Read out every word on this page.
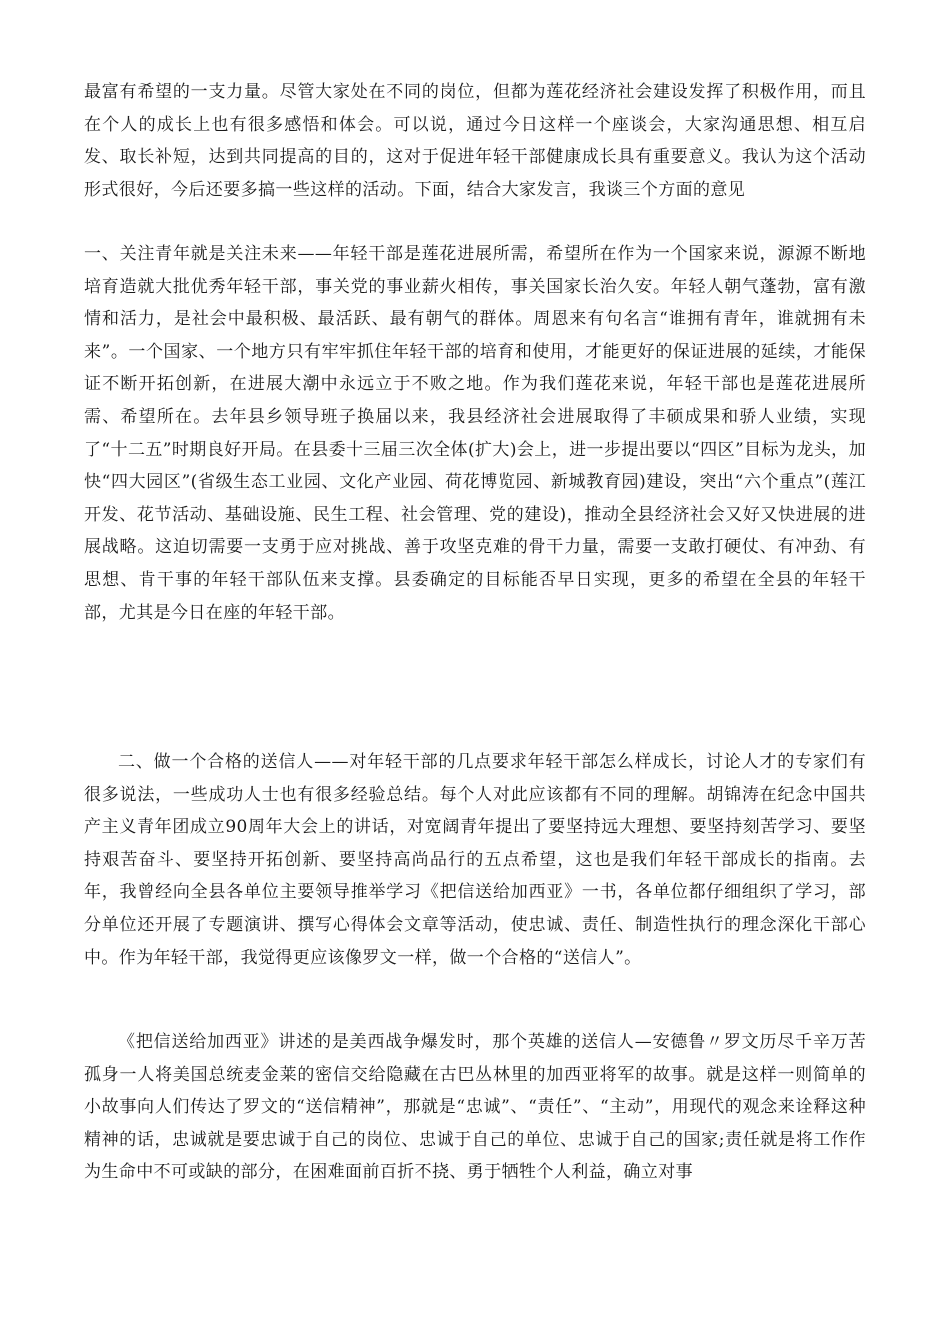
最富有希望的一支力量。尽管大家处在不同的岗位，但都为莲花经济社会建设发挥了积极作用，而且在个人的成长上也有很多感悟和体会。可以说，通过今日这样一个座谈会，大家沟通思想、相互启发、取长补短，达到共同提高的目的，这对于促进年轻干部健康成长具有重要意义。我认为这个活动形式很好，今后还要多搞一些这样的活动。下面，结合大家发言，我谈三个方面的意见

一、关注青年就是关注未来——年轻干部是莲花进展所需，希望所在作为一个国家来说，源源不断地培育造就大批优秀年轻干部，事关党的事业薪火相传，事关国家长治久安。年轻人朝气蓬勃，富有激情和活力，是社会中最积极、最活跃、最有朝气的群体。周恩来有句名言“谁拥有青年，谁就拥有未来”。一个国家、一个地方只有牢牢抓住年轻干部的培育和使用，才能更好的保证进展的延续，才能保证不断开拓创新，在进展大潮中永远立于不败之地。作为我们莲花来说，年轻干部也是莲花进展所需、希望所在。去年县乡领导班子换届以来，我县经济社会进展取得了丰硕成果和骄人业绩，实现了“十二五”时期良好开局。在县委十三届三次全体(扩大)会上，进一步提出要以“四区”目标为龙头，加快“四大园区”(省级生态工业园、文化产业园、荷花博览园、新城教育园)建设，突出“六个重点”(莲江开发、花节活动、基础设施、民生工程、社会管理、党的建设)，推动全县经济社会又好又快进展的进展战略。这迫切需要一支勇于应对挑战、善于攻坚克难的骨干力量，需要一支敢打硬仗、有冲劲、有思想、肯干事的年轻干部队伍来支撑。县委确定的目标能否早日实现，更多的希望在全县的年轻干部，尤其是今日在座的年轻干部。

二、做一个合格的送信人——对年轻干部的几点要求年轻干部怎么样成长，讨论人才的专家们有很多说法，一些成功人士也有很多经验总结。每个人对此应该都有不同的理解。胡锦涛在纪念中国共产主义青年团成立90周年大会上的讲话，对宽阔青年提出了要坚持远大理想、要坚持刻苦学习、要坚持艰苦奋斗、要坚持开拓创新、要坚持高尚品行的五点希望，这也是我们年轻干部成长的指南。去年，我曾经向全县各单位主要领导推举学习《把信送给加西亚》一书，各单位都仔细组织了学习，部分单位还开展了专题演讲、撰写心得体会文章等活动，使忠诚、责任、制造性执行的理念深化干部心中。作为年轻干部，我觉得更应该像罗文一样，做一个合格的“送信人”。

《把信送给加西亚》讲述的是美西战争爆发时，那个英雄的送信人—安德鲁〃罗文历尽千辛万苦孤身一人将美国总统麦金莱的密信交给隐藏在古巴丛林里的加西亚将军的故事。就是这样一则简单的小故事向人们传达了罗文的“送信精神”，那就是“忠诚”、“责任”、“主动”，用现代的观念来诠释这种精神的话，忠诚就是要忠诚于自己的岗位、忠诚于自己的单位、忠诚于自己的国家;责任就是将工作作为生命中不可或缺的部分，在困难面前百折不挠、勇于牺牲个人利益，确立对事
